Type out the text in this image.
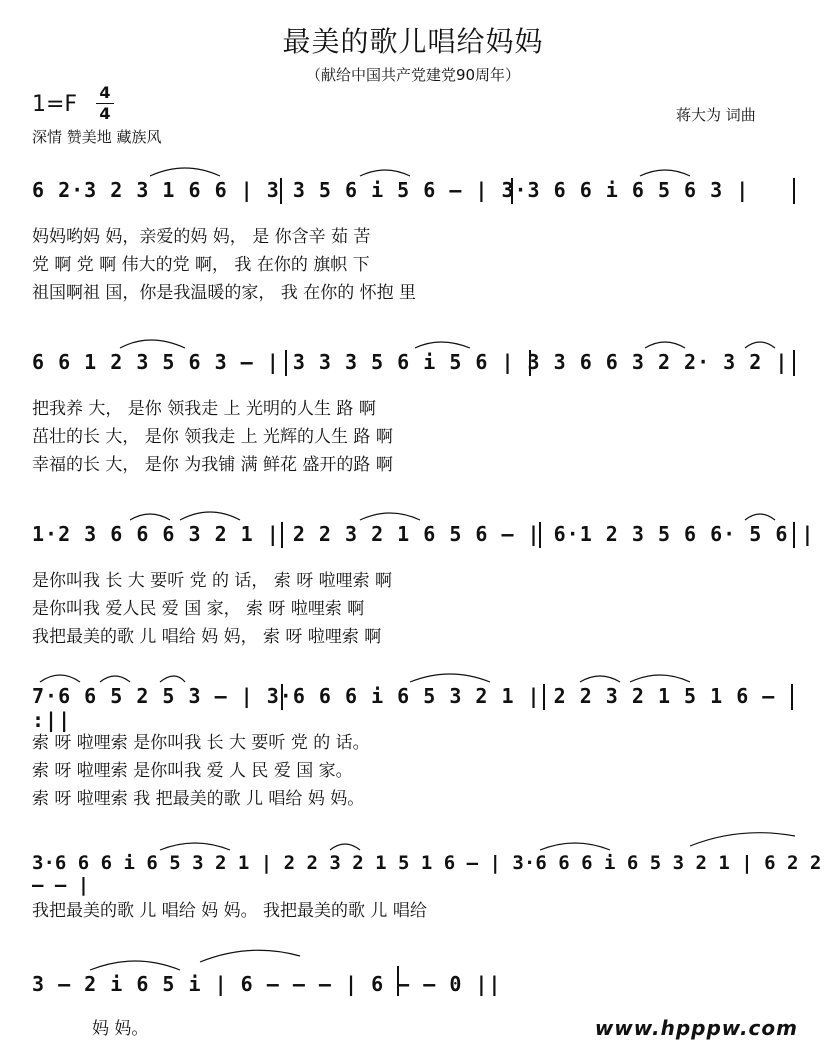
最美的歌儿唱给妈妈
（献给中国共产党建党90周年）
1=F 4
4	蒋大为 词曲
深情 赞美地 藏族风
6 2·3 2 3 1 6 6 | 3 3 5 6 i 5 6 – | 3·3 6 6 i 6 5 6 3 |
妈妈哟妈 妈，亲爱的妈 妈， 是 你含辛 茹 苦
党 啊 党 啊 伟大的党 啊， 我 在你的 旗帜 下
祖国啊祖 国，你是我温暖的家， 我 在你的 怀抱 里
6 6 1 2 3 5 6 3 – | 3 3 3 5 6 i 5 6 | 3 3 6 6 3 2 2· 3 2 |
把我养 大， 是你 领我走 上 光明的人生 路 啊
茁壮的长 大， 是你 领我走 上 光辉的人生 路 啊
幸福的长 大， 是你 为我铺 满 鲜花 盛开的路 啊
1·2 3 6 6 6 3 2 1 | 2 2 3 2 1 6 5 6 – | 6·1 2 3 5 6 6· 5 6 |
是你叫我 长 大 要听 党 的 话， 索 呀 啦哩索 啊
是你叫我 爱人民 爱 国 家， 索 呀 啦哩索 啊
我把最美的歌 儿 唱给 妈 妈， 索 呀 啦哩索 啊
7·6 6 5 2 5 3 – | 3·6 6 6 i 6 5 3 2 1 | 2 2 3 2 1 5 1 6 – :||
索 呀 啦哩索 是你叫我 长 大 要听 党 的 话。
索 呀 啦哩索 是你叫我 爱 人 民 爱 国 家。
索 呀 啦哩索 我 把最美的歌 儿 唱给 妈 妈。
3·6 6 6 i 6 5 3 2 1 | 2 2 3 2 1 5 1 6 – | 3·6 6 6 i 6 5 3 2 1 | 6 2 2 – – |
我把最美的歌 儿 唱给 妈 妈。 我把最美的歌 儿 唱给
3 – 2 i 6 5 i | 6 – – – | 6 – – 0 ||
妈 妈。	www.hpppw.com
